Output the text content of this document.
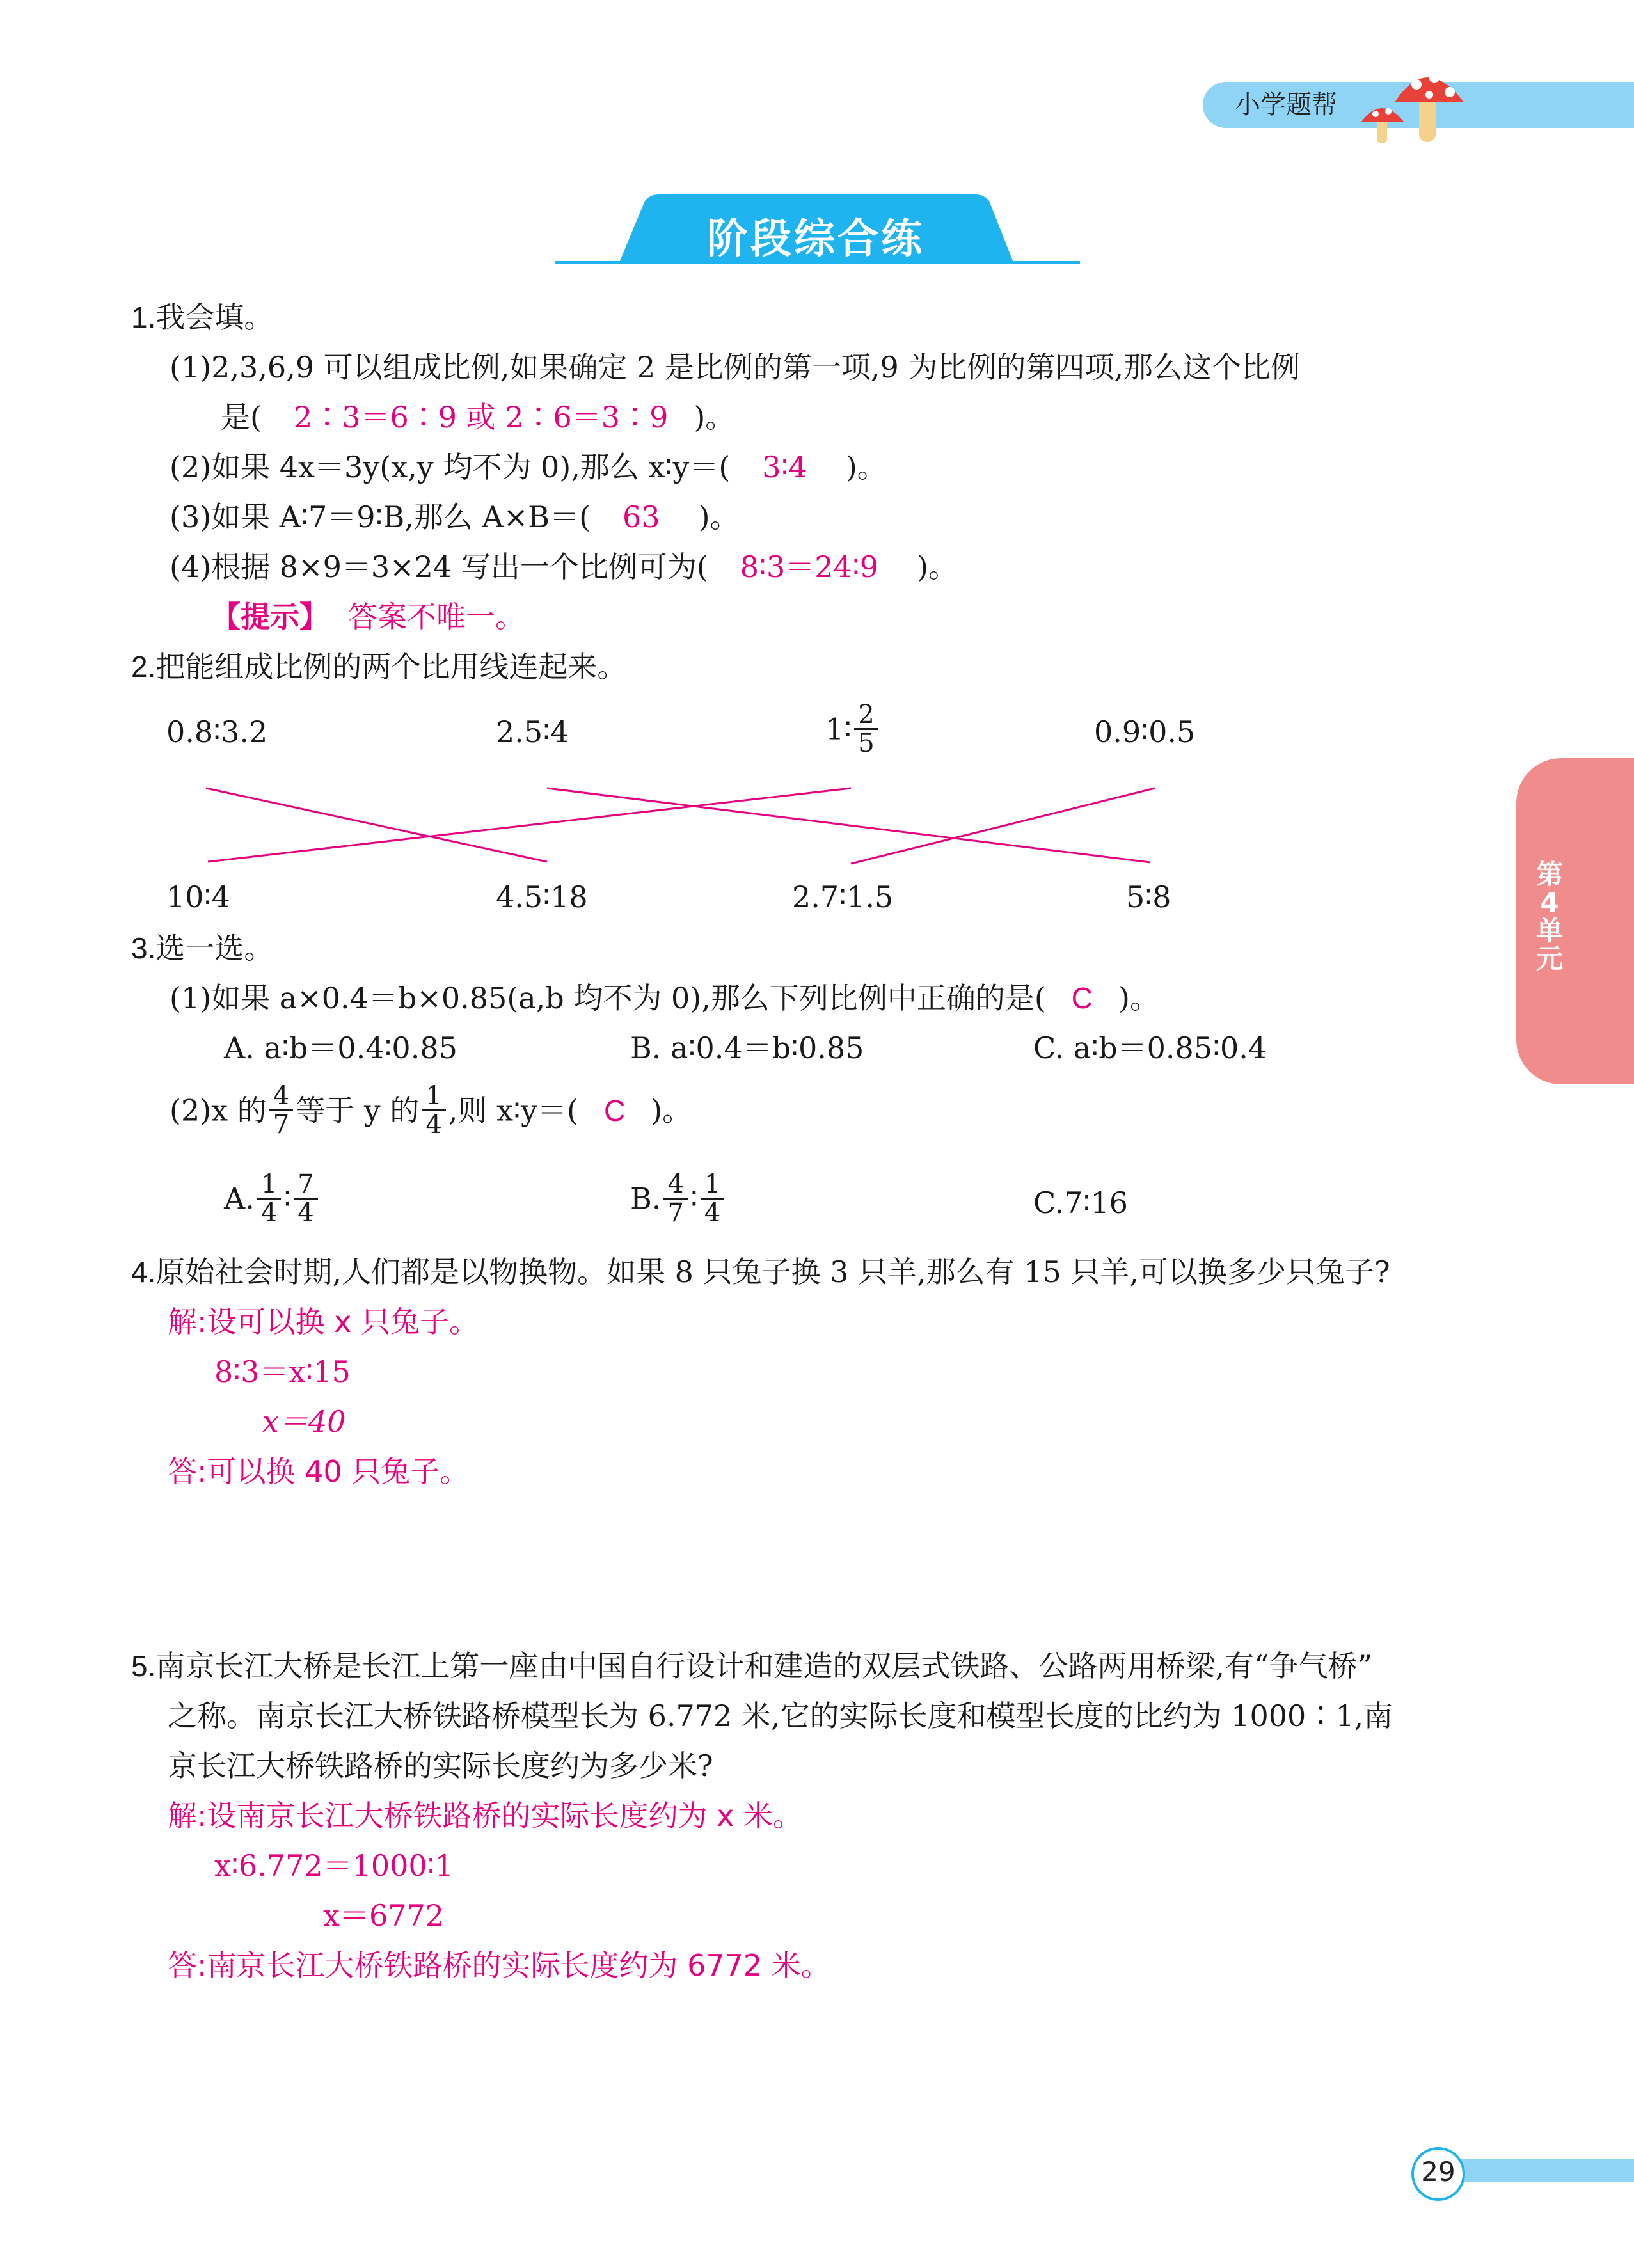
小学题帮
阶段综合练
第
4
单
元
29
1.我会填。
(1)2,3,6,9 可以组成比例,如果确定 2 是比例的第一项,9 为比例的第四项,那么这个比例
是( 2∶3＝6∶9 或 2∶6＝3∶9 )。
(2)如果 4x＝3y(x,y 均不为 0),那么 x∶y＝( 3∶4 )。
(3)如果 A∶7＝9∶B,那么 A×B＝( 63 )。
(4)根据 8×9＝3×24 写出一个比例可为( 8∶3＝24∶9 )。
【提示】 答案不唯一。
2.把能组成比例的两个比用线连起来。
0.8∶3.2	2.5∶4	1∶ $\frac{2}{5}$	0.9∶0.5
10∶4	4.5∶18	2.7∶1.5	5∶8
3.选一选。
(1)如果 a×0.4＝b×0.85(a,b 均不为 0),那么下列比例中正确的是( C )。
A. a∶b＝0.4∶0.85	B. a∶0.4＝b∶0.85	C. a∶b＝0.85∶0.4
(2)x 的 $\frac{4}{7}$ 等于 y 的 $\frac{1}{4}$ ,则 x∶y＝( C )。
A. $\frac{1}{4}$ ∶ $\frac{7}{4}$	B. $\frac{4}{7}$ ∶ $\frac{1}{4}$	C.7∶16
4.原始社会时期,人们都是以物换物。如果 8 只兔子换 3 只羊,那么有 15 只羊,可以换多少只兔子?
解:设可以换 x 只兔子。
8∶3＝x∶15
x＝40
答:可以换 40 只兔子。
5.南京长江大桥是长江上第一座由中国自行设计和建造的双层式铁路、公路两用桥梁,有“争气桥”
之称。南京长江大桥铁路桥模型长为 6.772 米,它的实际长度和模型长度的比约为 1000∶1,南
京长江大桥铁路桥的实际长度约为多少米?
解:设南京长江大桥铁路桥的实际长度约为 x 米。
x∶6.772＝1000∶1
x＝6772
答:南京长江大桥铁路桥的实际长度约为 6772 米。
